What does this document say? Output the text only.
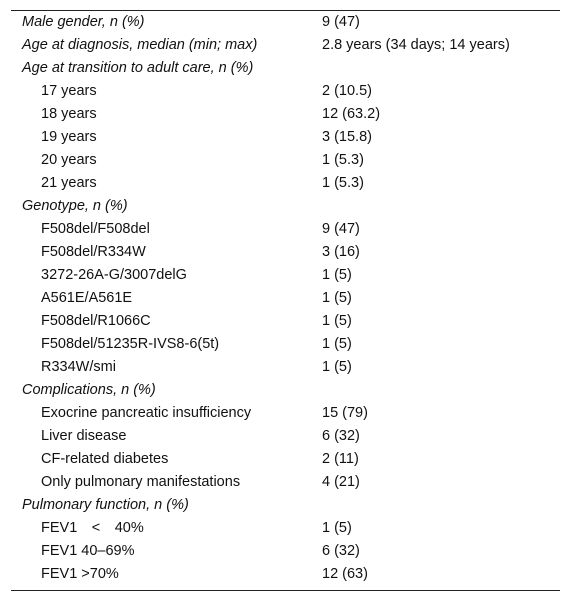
Male gender, n (%)	9 (47)
Age at diagnosis, median (min; max)	2.8 years (34 days; 14 years)
Age at transition to adult care, n (%)
17 years	2 (10.5)
18 years	12 (63.2)
19 years	3 (15.8)
20 years	1 (5.3)
21 years	1 (5.3)
Genotype, n (%)
F508del/F508del	9 (47)
F508del/R334W	3 (16)
3272-26A-G/3007delG	1 (5)
A561E/A561E	1 (5)
F508del/R1066C	1 (5)
F508del/51235R-IVS8-6(5t)	1 (5)
R334W/smi	1 (5)
Complications, n (%)
Exocrine pancreatic insufficiency	15 (79)
Liver disease	6 (32)
CF-related diabetes	2 (11)
Only pulmonary manifestations	4 (21)
Pulmonary function, n (%)
FEV1 < 40%	1 (5)
FEV1 40–69%	6 (32)
FEV1 >70%	12 (63)
